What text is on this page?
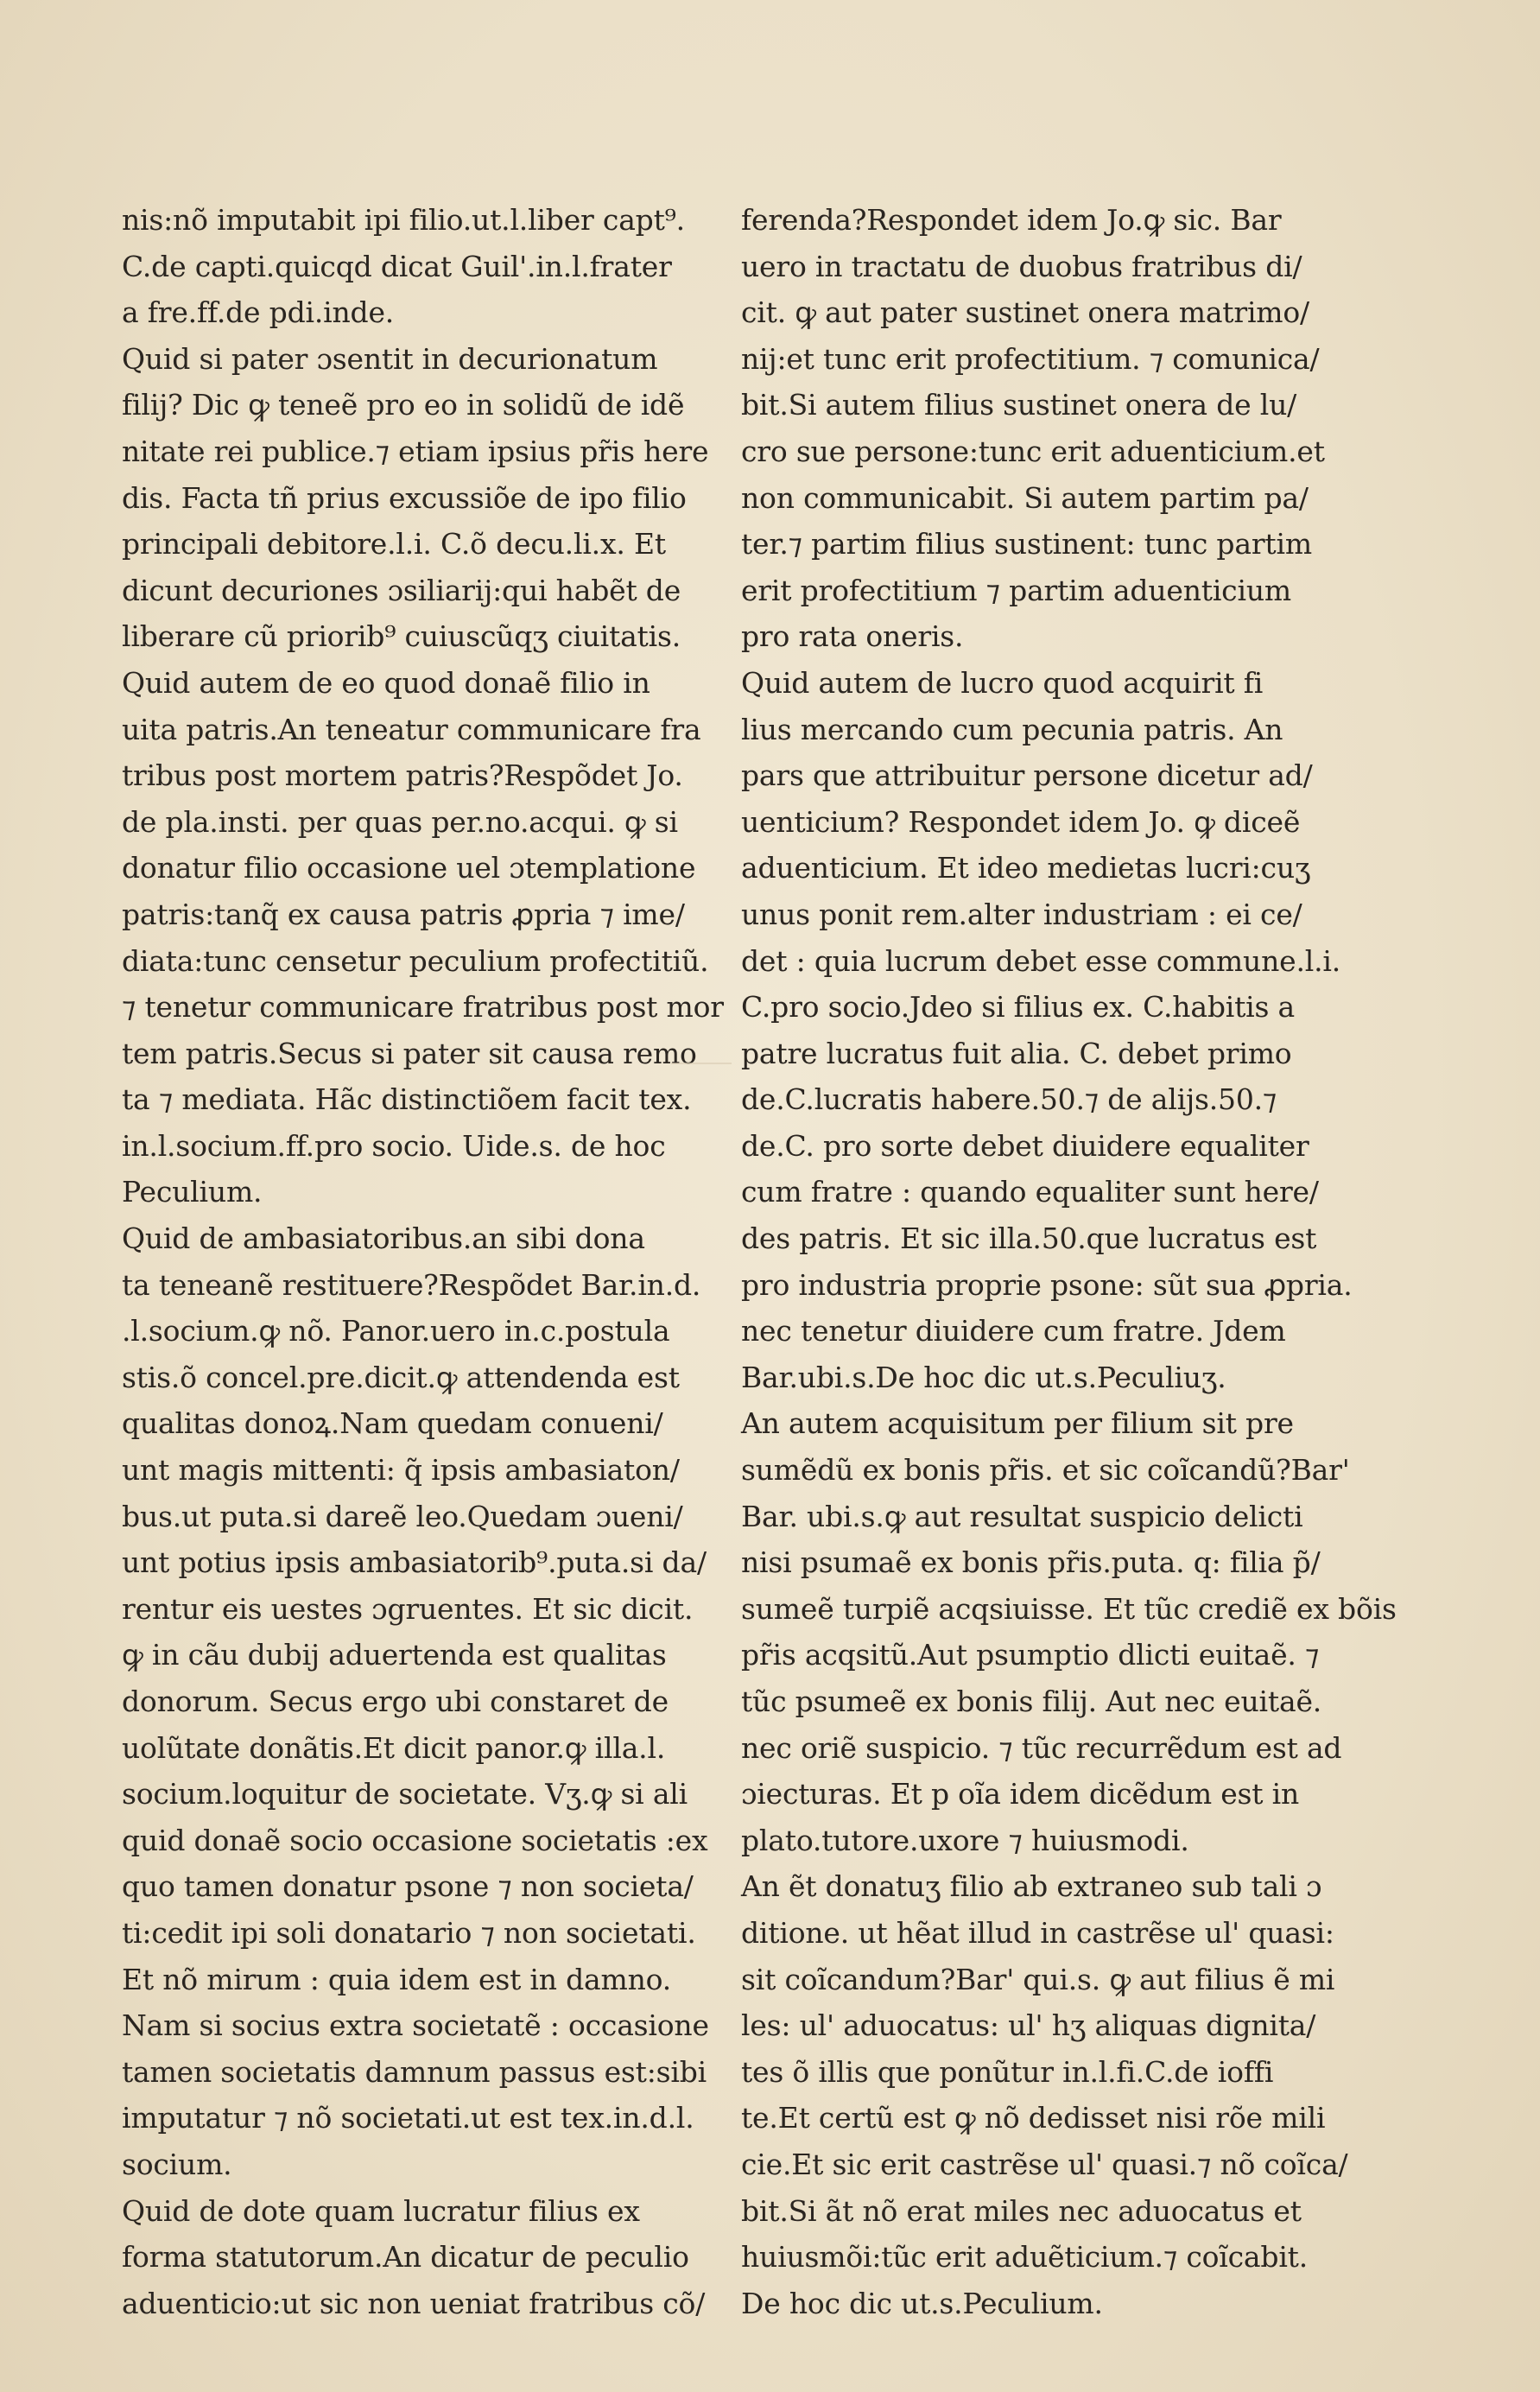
nis:nõ imputabit ipi filio.ut.l.liber capt⁹.
C.de capti.quicqd dicat Guil'.in.l.frater
a fre.ff.de pdi.inde.
Quid si pater ɔsentit in decurionatum
filij? Dic ꝙ teneẽ pro eo in solidũ de idẽ
nitate rei publice.⁊ etiam ipsius pr̃is here
dis. Facta tñ prius excussiõe de ipo filio
principali debitore.l.i. C.õ decu.li.x. Et
dicunt decuriones ɔsiliarij:qui habẽt de
liberare cũ priorib⁹ cuiuscũqʒ ciuitatis.
Quid autem de eo quod donaẽ filio in
uita patris.An teneatur communicare fra
tribus post mortem patris?Respõdet Jo.
de pla.insti. per quas per.no.acqui. ꝙ si
donatur filio occasione uel ɔtemplatione
patris:tanq̃ ex causa patris ꝓpria ⁊ ime/
diata:tunc censetur peculium profectitiũ.
⁊ tenetur communicare fratribus post mor
tem patris.Secus si pater sit causa remo
ta ⁊ mediata. Hãc distinctiõem facit tex.
in.l.socium.ff.pro socio. Uide.s. de hoc
Peculium.
Quid de ambasiatoribus.an sibi dona
ta teneanẽ restituere?Respõdet Bar.in.d.
.l.socium.ꝙ nõ. Panor.uero in.c.postula
stis.õ concel.pre.dicit.ꝙ attendenda est
qualitas donoꝝ.Nam quedam conueni/
unt magis mittenti: q̃ ipsis ambasiaton/
bus.ut puta.si dareẽ leo.Quedam ɔueni/
unt potius ipsis ambasiatorib⁹.puta.si da/
rentur eis uestes ɔgruentes. Et sic dicit.
ꝙ in cãu dubij aduertenda est qualitas
donorum. Secus ergo ubi constaret de
uolũtate donãtis.Et dicit panor.ꝙ illa.l.
socium.loquitur de societate. Vʒ.ꝙ si ali
quid donaẽ socio occasione societatis :ex
quo tamen donatur psone ⁊ non societa/
ti:cedit ipi soli donatario ⁊ non societati.
Et nõ mirum : quia idem est in damno.
Nam si socius extra societatẽ : occasione
tamen societatis damnum passus est:sibi
imputatur ⁊ nõ societati.ut est tex.in.d.l.
socium.
Quid de dote quam lucratur filius ex
forma statutorum.An dicatur de peculio
aduenticio:ut sic non ueniat fratribus cõ/
ferenda?Respondet idem Jo.ꝙ sic. Bar
uero in tractatu de duobus fratribus di/
cit. ꝙ aut pater sustinet onera matrimo/
nij:et tunc erit profectitium. ⁊ comunica/
bit.Si autem filius sustinet onera de lu/
cro sue persone:tunc erit aduenticium.et
non communicabit. Si autem partim pa/
ter.⁊ partim filius sustinent: tunc partim
erit profectitium ⁊ partim aduenticium
pro rata oneris.
Quid autem de lucro quod acquirit fi
lius mercando cum pecunia patris. An
pars que attribuitur persone dicetur ad/
uenticium? Respondet idem Jo. ꝙ diceẽ
aduenticium. Et ideo medietas lucri:cuʒ
unus ponit rem.alter industriam : ei ce/
det : quia lucrum debet esse commune.l.i.
C.pro socio.Jdeo si filius ex. C.habitis a
patre lucratus fuit alia. C. debet primo
de.C.lucratis habere.50.⁊ de alijs.50.⁊
de.C. pro sorte debet diuidere equaliter
cum fratre : quando equaliter sunt here/
des patris. Et sic illa.50.que lucratus est
pro industria proprie psone: sũt sua ꝓpria.
nec tenetur diuidere cum fratre. Jdem
Bar.ubi.s.De hoc dic ut.s.Peculiuʒ.
An autem acquisitum per filium sit pre
sumẽdũ ex bonis pr̃is. et sic coĩcandũ?Bar'
Bar. ubi.s.ꝙ aut resultat suspicio delicti
nisi psumaẽ ex bonis pr̃is.puta. q: filia p̃/
sumeẽ turpiẽ acqsiuisse. Et tũc crediẽ ex bõis
pr̃is acqsitũ.Aut psumptio dlicti euitaẽ. ⁊
tũc psumeẽ ex bonis filij. Aut nec euitaẽ.
nec oriẽ suspicio. ⁊ tũc recurrẽdum est ad
ɔiecturas. Et p oĩa idem dicẽdum est in
plato.tutore.uxore ⁊ huiusmodi.
An ẽt donatuʒ filio ab extraneo sub tali ɔ
ditione. ut hẽat illud in castrẽse ul' quasi:
sit coĩcandum?Bar' qui.s. ꝙ aut filius ẽ mi
les: ul' aduocatus: ul' hʒ aliquas dignita/
tes õ illis que ponũtur in.l.fi.C.de ioffi
te.Et certũ est ꝙ nõ dedisset nisi rõe mili
cie.Et sic erit castrẽse ul' quasi.⁊ nõ coĩca/
bit.Si ãt nõ erat miles nec aduocatus et
huiusmõi:tũc erit aduẽticium.⁊ coĩcabit.
De hoc dic ut.s.Peculium.
